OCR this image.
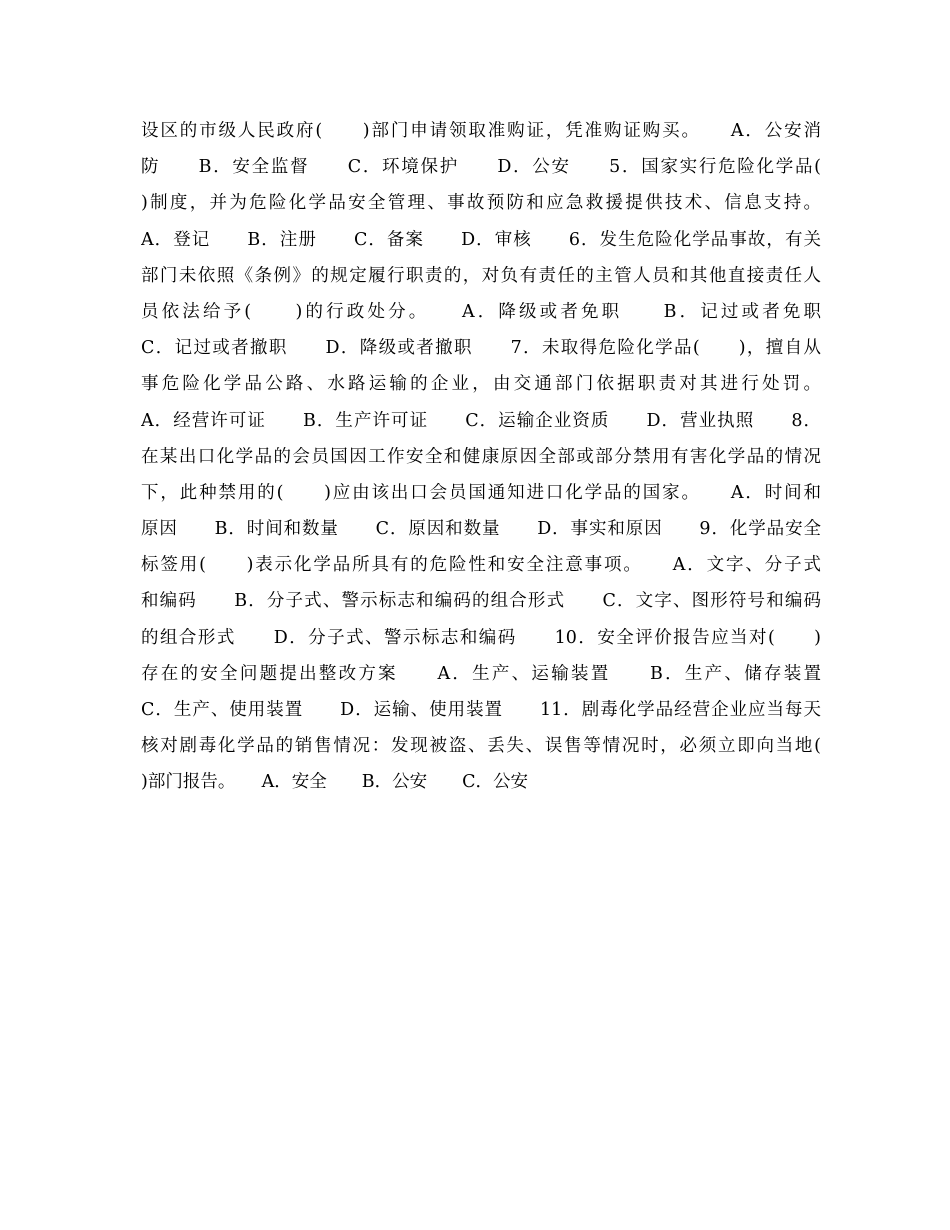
设区的市级人民政府(　　)部门申请领取准购证，凭准购证购买。　　A．公安消
防　　B．安全监督　　C．环境保护　　D．公安　　5．国家实行危险化学品(
)制度，并为危险化学品安全管理、事故预防和应急救援提供技术、信息支持。
A．登记　　B．注册　　C．备案　　D．审核　　6．发生危险化学品事故，有关
部门未依照《条例》的规定履行职责的，对负有责任的主管人员和其他直接责任人
员依法给予(　　)的行政处分。　　A．降级或者免职　　B．记过或者免职
C．记过或者撤职　　D．降级或者撤职　　7．未取得危险化学品(　　)，擅自从
事危险化学品公路、水路运输的企业，由交通部门依据职责对其进行处罚。
A．经营许可证　　B．生产许可证　　C．运输企业资质　　D．营业执照　　8．
在某出口化学品的会员国因工作安全和健康原因全部或部分禁用有害化学品的情况
下，此种禁用的(　　)应由该出口会员国通知进口化学品的国家。　　A．时间和
原因　　B．时间和数量　　C．原因和数量　　D．事实和原因　　9．化学品安全
标签用(　　)表示化学品所具有的危险性和安全注意事项。　　A．文字、分子式
和编码　　B．分子式、警示标志和编码的组合形式　　C．文字、图形符号和编码
的组合形式　　D．分子式、警示标志和编码　　10．安全评价报告应当对(　　)
存在的安全问题提出整改方案　　A．生产、运输装置　　B．生产、储存装置
C．生产、使用装置　　D．运输、使用装置　　11．剧毒化学品经营企业应当每天
核对剧毒化学品的销售情况：发现被盗、丢失、误售等情况时，必须立即向当地(
)部门报告。　　A．安全　　B．公安　　C．公安
